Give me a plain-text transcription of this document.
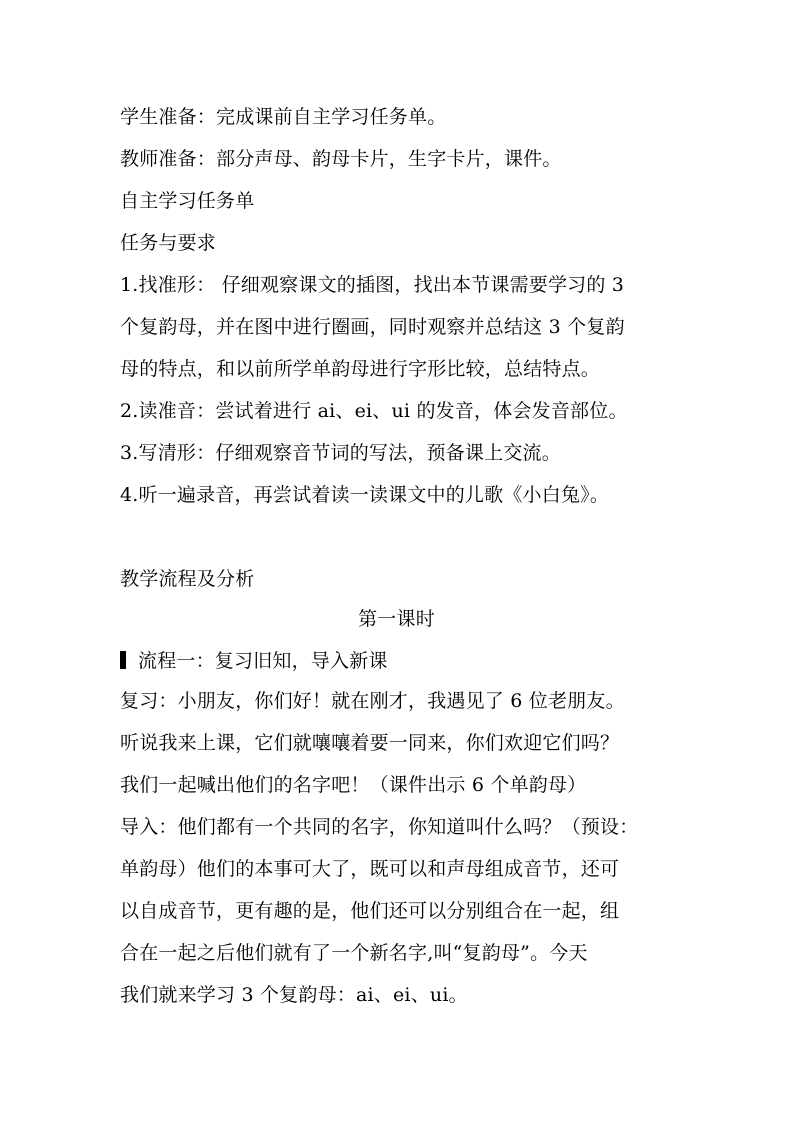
学生准备：完成课前自主学习任务单。
教师准备：部分声母、韵母卡片，生字卡片，课件。
自主学习任务单
任务与要求
1.找准形： 仔细观察课文的插图，找出本节课需要学习的 3
个复韵母，并在图中进行圈画，同时观察并总结这 3 个复韵
母的特点，和以前所学单韵母进行字形比较，总结特点。
2.读准音：尝试着进行 ai、ei、ui 的发音，体会发音部位。
3.写清形：仔细观察音节词的写法，预备课上交流。
4.听一遍录音，再尝试着读一读课文中的儿歌《小白兔》。
教学流程及分析
第一课时
流程一：复习旧知，导入新课
复习：小朋友，你们好！就在刚才，我遇见了 6 位老朋友。
听说我来上课，它们就嚷嚷着要一同来，你们欢迎它们吗？
我们一起喊出他们的名字吧！（课件出示 6 个单韵母）
导入：他们都有一个共同的名字，你知道叫什么吗？（预设：
单韵母）他们的本事可大了，既可以和声母组成音节，还可
以自成音节，更有趣的是，他们还可以分别组合在一起，组
合在一起之后他们就有了一个新名字,叫“复韵母”。今天
我们就来学习 3 个复韵母：ai、ei、ui。
